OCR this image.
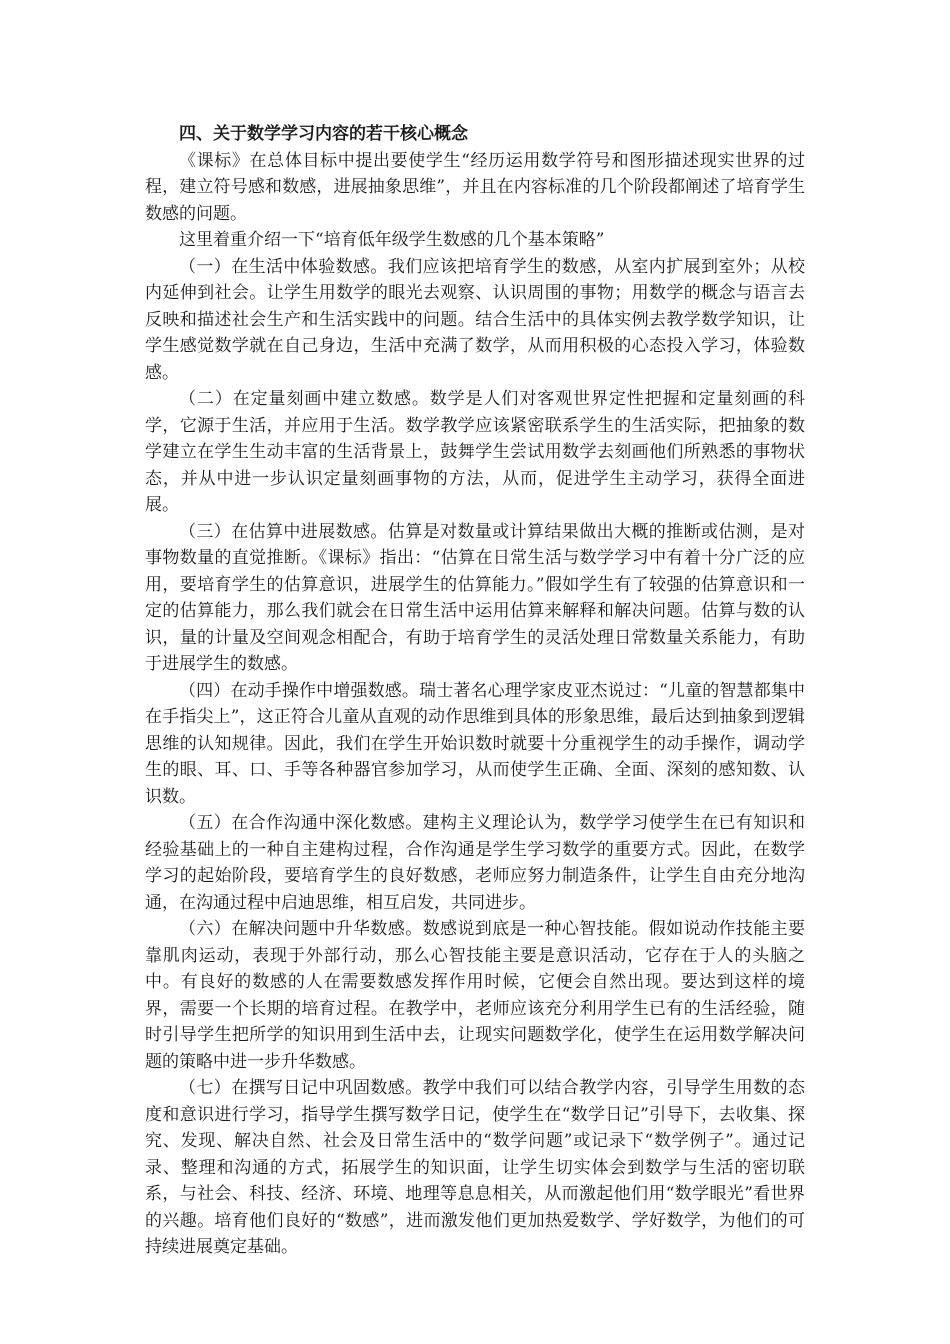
四、关于数学学习内容的若干核心概念

《课标》在总体目标中提出要使学生“经历运用数学符号和图形描述现实世界的过程，建立符号感和数感，进展抽象思维”，并且在内容标准的几个阶段都阐述了培育学生数感的问题。

这里着重介绍一下“培育低年级学生数感的几个基本策略”

（一）在生活中体验数感。我们应该把培育学生的数感，从室内扩展到室外；从校内延伸到社会。让学生用数学的眼光去观察、认识周围的事物；用数学的概念与语言去反映和描述社会生产和生活实践中的问题。结合生活中的具体实例去教学数学知识，让学生感觉数学就在自己身边，生活中充满了数学，从而用积极的心态投入学习，体验数感。

（二）在定量刻画中建立数感。数学是人们对客观世界定性把握和定量刻画的科学，它源于生活，并应用于生活。数学教学应该紧密联系学生的生活实际，把抽象的数学建立在学生生动丰富的生活背景上，鼓舞学生尝试用数学去刻画他们所熟悉的事物状态，并从中进一步认识定量刻画事物的方法，从而，促进学生主动学习，获得全面进展。

（三）在估算中进展数感。估算是对数量或计算结果做出大概的推断或估测，是对事物数量的直觉推断。《课标》指出：“估算在日常生活与数学学习中有着十分广泛的应用，要培育学生的估算意识，进展学生的估算能力。”假如学生有了较强的估算意识和一定的估算能力，那么我们就会在日常生活中运用估算来解释和解决问题。估算与数的认识，量的计量及空间观念相配合，有助于培育学生的灵活处理日常数量关系能力，有助于进展学生的数感。

（四）在动手操作中增强数感。瑞士著名心理学家皮亚杰说过：“儿童的智慧都集中在手指尖上”，这正符合儿童从直观的动作思维到具体的形象思维，最后达到抽象到逻辑思维的认知规律。因此，我们在学生开始识数时就要十分重视学生的动手操作，调动学生的眼、耳、口、手等各种器官参加学习，从而使学生正确、全面、深刻的感知数、认识数。

（五）在合作沟通中深化数感。建构主义理论认为，数学学习使学生在已有知识和经验基础上的一种自主建构过程，合作沟通是学生学习数学的重要方式。因此，在数学学习的起始阶段，要培育学生的良好数感，老师应努力制造条件，让学生自由充分地沟通，在沟通过程中启迪思维，相互启发，共同进步。

（六）在解决问题中升华数感。数感说到底是一种心智技能。假如说动作技能主要靠肌肉运动，表现于外部行动，那么心智技能主要是意识活动，它存在于人的头脑之中。有良好的数感的人在需要数感发挥作用时候，它便会自然出现。要达到这样的境界，需要一个长期的培育过程。在教学中，老师应该充分利用学生已有的生活经验，随时引导学生把所学的知识用到生活中去，让现实问题数学化，使学生在运用数学解决问题的策略中进一步升华数感。

（七）在撰写日记中巩固数感。教学中我们可以结合教学内容，引导学生用数的态度和意识进行学习，指导学生撰写数学日记，使学生在“数学日记”引导下，去收集、探究、发现、解决自然、社会及日常生活中的“数学问题”或记录下“数学例子”。通过记录、整理和沟通的方式，拓展学生的知识面，让学生切实体会到数学与生活的密切联系，与社会、科技、经济、环境、地理等息息相关，从而激起他们用“数学眼光”看世界的兴趣。培育他们良好的“数感”，进而激发他们更加热爱数学、学好数学，为他们的可持续进展奠定基础。
